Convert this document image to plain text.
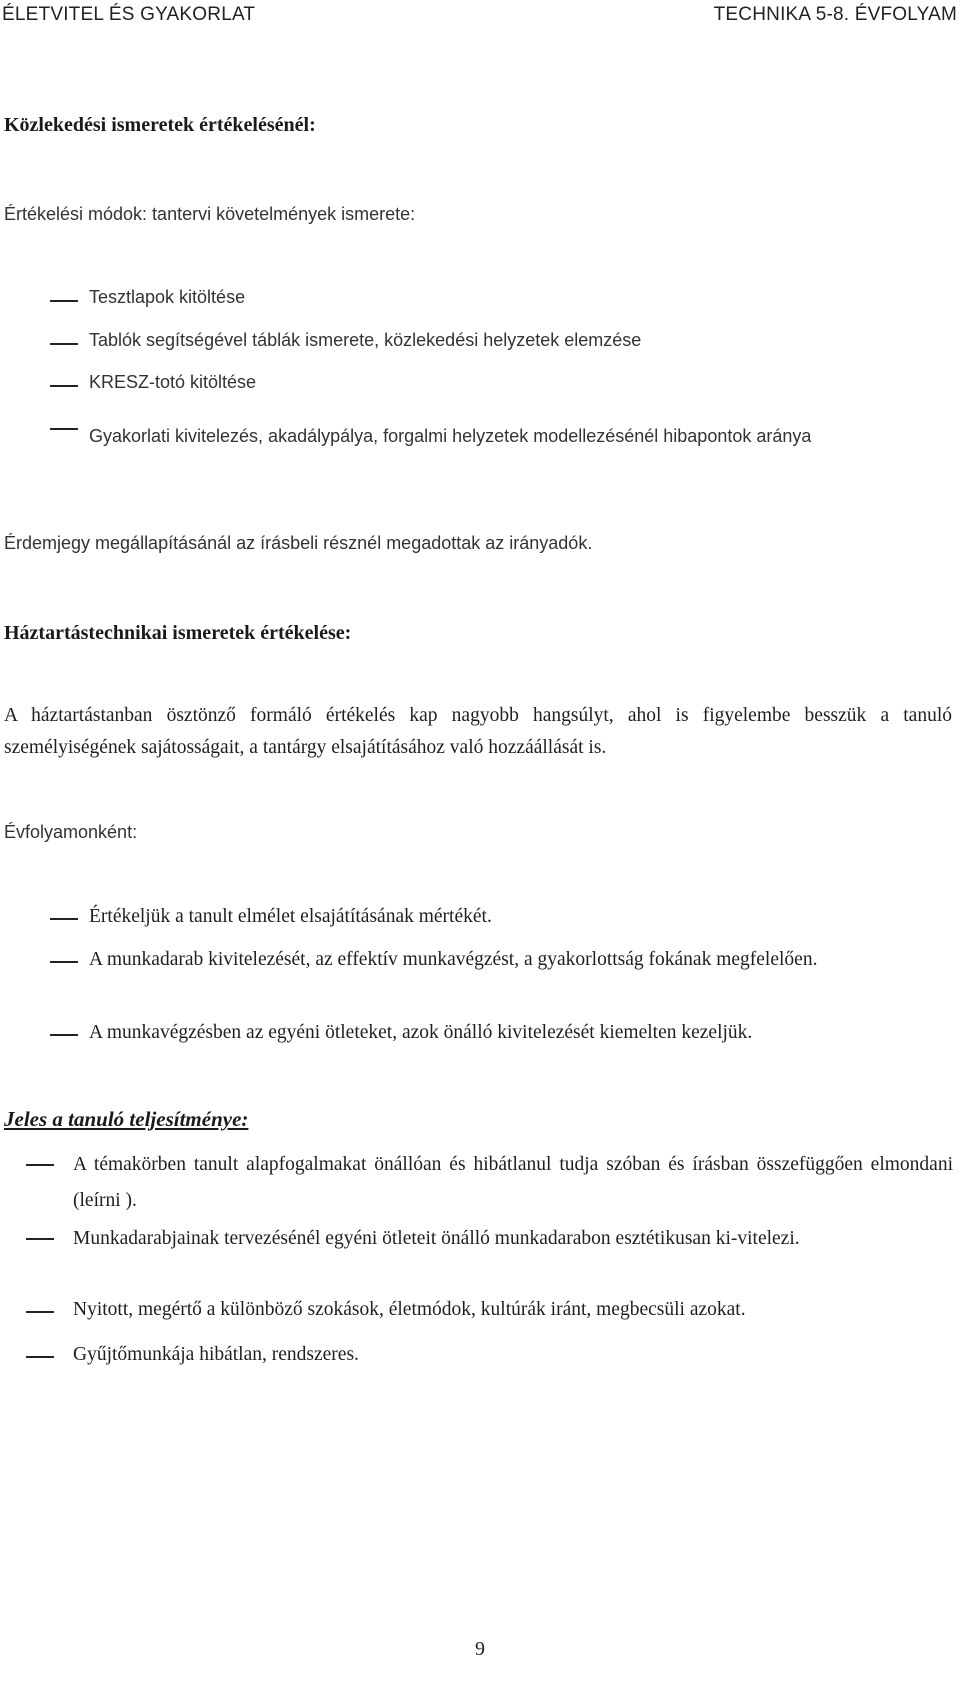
ÉLETVITEL ÉS GYAKORLAT	TECHNIKA 5-8. ÉVFOLYAM
Közlekedési ismeretek értékelésénél:
Értékelési módok: tantervi követelmények ismerete:
Tesztlapok kitöltése
Tablók segítségével táblák ismerete, közlekedési helyzetek elemzése
KRESZ-totó kitöltése
Gyakorlati kivitelezés, akadálypálya, forgalmi helyzetek modellezésénél hibapontok aránya
Érdemjegy megállapításánál az írásbeli résznél megadottak az irányadók.
Háztartástechnikai ismeretek értékelése:
A háztartástanban ösztönző formáló értékelés kap nagyobb hangsúlyt, ahol is figyelembe besszük a tanuló személyiségének sajátosságait, a tantárgy elsajátításához való hozzáállását is.
Évfolyamonként:
Értékeljük a tanult elmélet elsajátításának mértékét.
A munkadarab kivitelezését, az effektív munkavégzést, a gyakorlottság fokának megfelelően.
A munkavégzésben az egyéni ötleteket, azok önálló kivitelezését kiemelten kezeljük.
Jeles a tanuló teljesítménye:
A témakörben tanult alapfogalmakat önállóan és hibátlanul tudja szóban és írásban összefüggően elmondani (leírni ).
Munkadarabjainak tervezésénél egyéni ötleteit önálló munkadarabon esztétikusan ki-vitelezi.
Nyitott, megértő a különböző szokások, életmódok, kultúrák iránt, megbecsüli azokat.
Gyűjtőmunkája hibátlan, rendszeres.
9
